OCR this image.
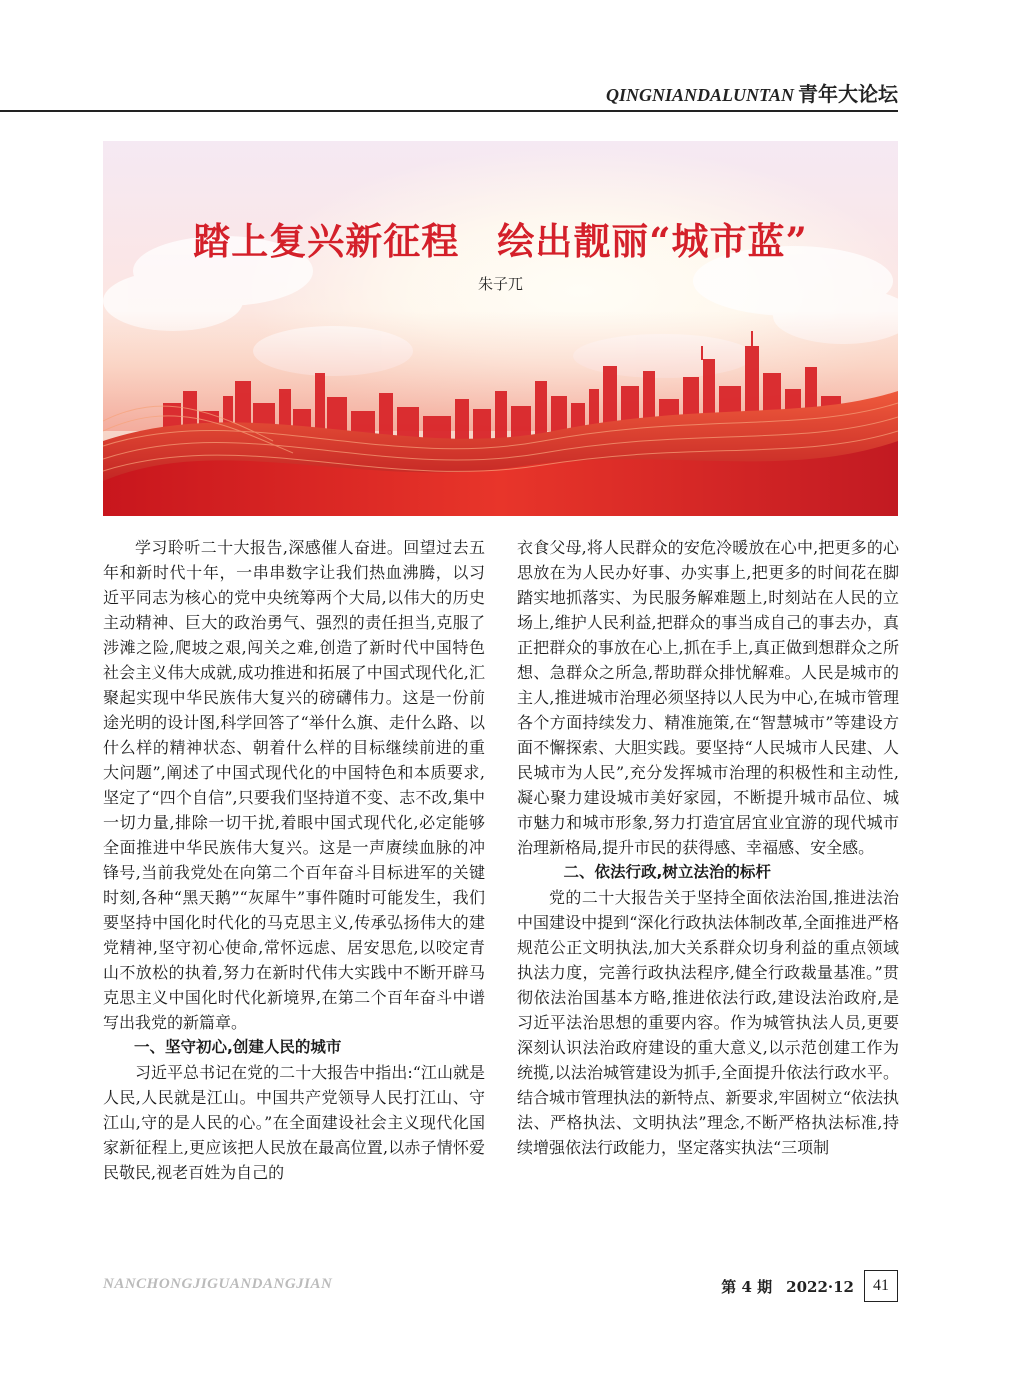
QINGNIANDALUNTAN 青年大论坛
踏上复兴新征程　绘出靓丽“城市蓝”
朱子兀

学习聆听二十大报告,深感催人奋进。回望过去五年和新时代十年，一串串数字让我们热血沸腾，以习近平同志为核心的党中央统筹两个大局,以伟大的历史主动精神、巨大的政治勇气、强烈的责任担当,克服了涉滩之险,爬坡之艰,闯关之难,创造了新时代中国特色社会主义伟大成就,成功推进和拓展了中国式现代化,汇聚起实现中华民族伟大复兴的磅礴伟力。这是一份前途光明的设计图,科学回答了“举什么旗、走什么路、以什么样的精神状态、朝着什么样的目标继续前进的重大问题”,阐述了中国式现代化的中国特色和本质要求,坚定了“四个自信”,只要我们坚持道不变、志不改,集中一切力量,排除一切干扰,着眼中国式现代化,必定能够全面推进中华民族伟大复兴。这是一声赓续血脉的冲锋号,当前我党处在向第二个百年奋斗目标进军的关键时刻,各种“黑天鹅”“灰犀牛”事件随时可能发生，我们要坚持中国化时代化的马克思主义,传承弘扬伟大的建党精神,坚守初心使命,常怀远虑、居安思危,以咬定青山不放松的执着,努力在新时代伟大实践中不断开辟马克思主义中国化时代化新境界,在第二个百年奋斗中谱写出我党的新篇章。

一、坚守初心,创建人民的城市

习近平总书记在党的二十大报告中指出:“江山就是人民,人民就是江山。中国共产党领导人民打江山、守江山,守的是人民的心。”在全面建设社会主义现代化国家新征程上,更应该把人民放在最高位置,以赤子情怀爱民敬民,视老百姓为自己的

衣食父母,将人民群众的安危冷暖放在心中,把更多的心思放在为人民办好事、办实事上,把更多的时间花在脚踏实地抓落实、为民服务解难题上,时刻站在人民的立场上,维护人民利益,把群众的事当成自己的事去办，真正把群众的事放在心上,抓在手上,真正做到想群众之所想、急群众之所急,帮助群众排忧解难。人民是城市的主人,推进城市治理必须坚持以人民为中心,在城市管理各个方面持续发力、精准施策,在“智慧城市”等建设方面不懈探索、大胆实践。要坚持“人民城市人民建、人民城市为人民”,充分发挥城市治理的积极性和主动性,凝心聚力建设城市美好家园，不断提升城市品位、城市魅力和城市形象,努力打造宜居宜业宜游的现代城市治理新格局,提升市民的获得感、幸福感、安全感。

二、依法行政,树立法治的标杆

党的二十大报告关于坚持全面依法治国,推进法治中国建设中提到“深化行政执法体制改革,全面推进严格规范公正文明执法,加大关系群众切身利益的重点领域执法力度，完善行政执法程序,健全行政裁量基准。”贯彻依法治国基本方略,推进依法行政,建设法治政府,是习近平法治思想的重要内容。作为城管执法人员,更要深刻认识法治政府建设的重大意义,以示范创建工作为统揽,以法治城管建设为抓手,全面提升依法行政水平。结合城市管理执法的新特点、新要求,牢固树立“依法执法、严格执法、文明执法”理念,不断严格执法标准,持续增强依法行政能力，坚定落实执法“三项制

NANCHONGJIGUANDANGJIAN	第 4 期 2022·12	41
